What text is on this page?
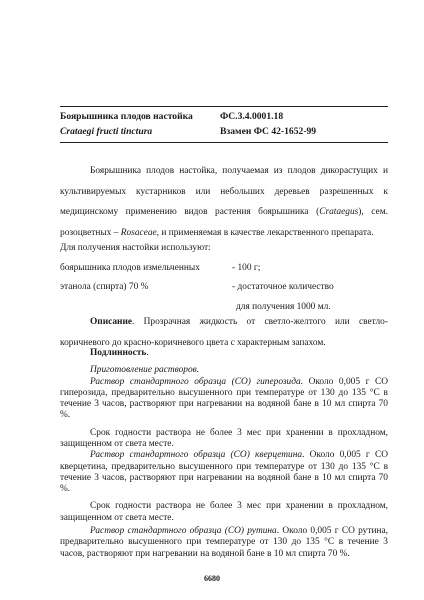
Боярышника плодов настойка	ФС.3.4.0001.18
Crataegi fructi tinctura	Взамен ФС 42-1652-99
Боярышника плодов настойка, получаемая из плодов дикорастущих и культивируемых кустарников или небольших деревьев разрешенных к медицинскому применению видов растения боярышника (Crataegus), сем. розоцветных – Rosaceae, и применяемая в качестве лекарственного препарата.
Для получения настойки используют:
боярышника плодов измельченных	- 100 г;
этанола (спирта) 70 %	- достаточное количество
для получения 1000 мл.
Описание. Прозрачная жидкость от светло-желтого или светло-коричневого до красно-коричневого цвета с характерным запахом.
Подлинность.
Приготовление растворов.
Раствор стандартного образца (СО) гиперозида. Около 0,005 г СО гиперозида, предварительно высушенного при температуре от 130 до 135 °С в течение 3 часов, растворяют при нагревании на водяной бане в 10 мл спирта 70 %.
Срок годности раствора не более 3 мес при хранении в прохладном, защищенном от света месте.
Раствор стандартного образца (СО) кверцетина. Около 0,005 г СО кверцетина, предварительно высушенного при температуре от 130 до 135 °С в течение 3 часов, растворяют при нагревании на водяной бане в 10 мл спирта 70 %.
Срок годности раствора не более 3 мес при хранении в прохладном, защищенном от света месте.
Раствор стандартного образца (СО) рутина. Около 0,005 г СО рутина, предварительно высушенного при температуре от 130 до 135 °С в течение 3 часов, растворяют при нагревании на водяной бане в 10 мл спирта 70 %.
6680
